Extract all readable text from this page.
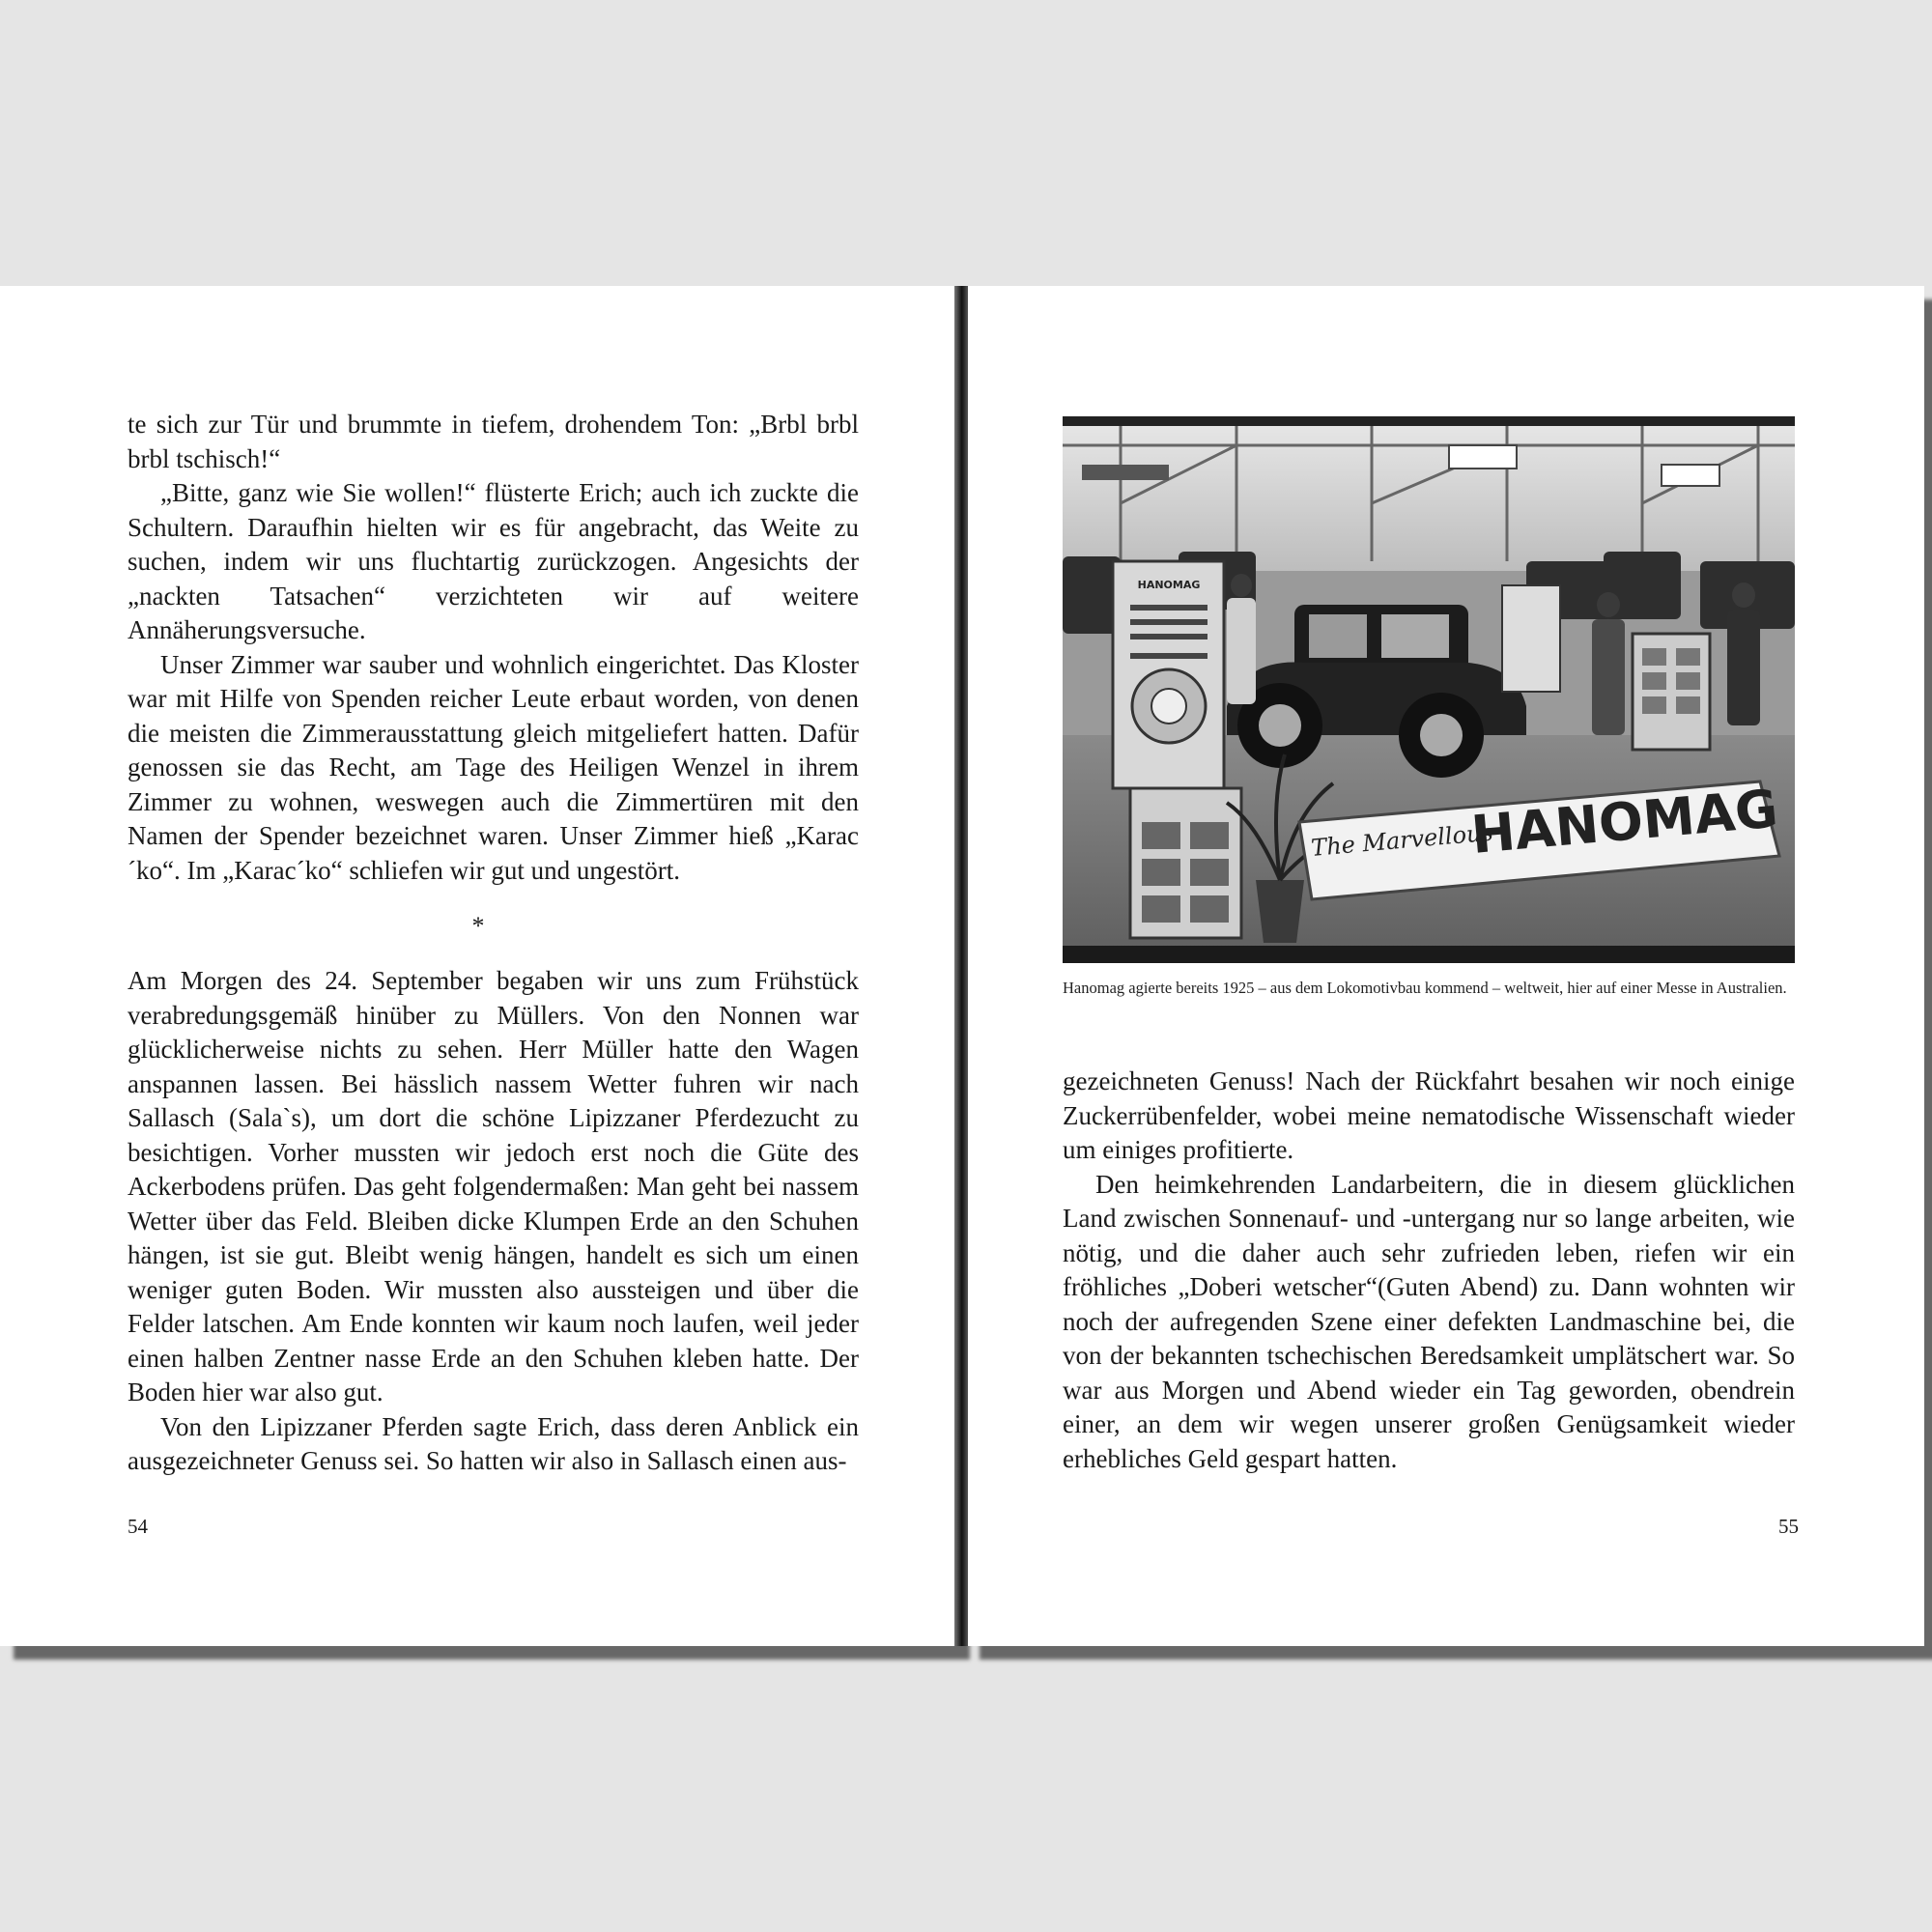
te sich zur Tür und brummte in tiefem, drohendem Ton: „Brbl brbl brbl tschisch!“

„Bitte, ganz wie Sie wollen!“ flüsterte Erich; auch ich zuckte die Schultern. Daraufhin hielten wir es für angebracht, das Weite zu suchen, indem wir uns fluchtartig zurückzogen. Angesichts der „nackten Tatsachen“ verzichteten wir auf weitere Annäherungsversuche.

Unser Zimmer war sauber und wohnlich eingerichtet. Das Kloster war mit Hilfe von Spenden reicher Leute erbaut worden, von denen die meisten die Zimmerausstattung gleich mitgeliefert hatten. Dafür genossen sie das Recht, am Tage des Heiligen Wenzel in ihrem Zimmer zu wohnen, weswegen auch die Zimmertüren mit den Namen der Spender bezeichnet waren. Unser Zimmer hieß „Karac´ko“. Im „Karac´ko“ schliefen wir gut und ungestört.

*

Am Morgen des 24. September begaben wir uns zum Frühstück verabredungsgemäß hinüber zu Müllers. Von den Nonnen war glücklicherweise nichts zu sehen. Herr Müller hatte den Wagen anspannen lassen. Bei hässlich nassem Wetter fuhren wir nach Sallasch (Sala`s), um dort die schöne Lipizzaner Pferdezucht zu besichtigen. Vorher mussten wir jedoch erst noch die Güte des Ackerbodens prüfen. Das geht folgendermaßen: Man geht bei nassem Wetter über das Feld. Bleiben dicke Klumpen Erde an den Schuhen hängen, ist sie gut. Bleibt wenig hängen, handelt es sich um einen weniger guten Boden. Wir mussten also aussteigen und über die Felder latschen. Am Ende konnten wir kaum noch laufen, weil jeder einen halben Zentner nasse Erde an den Schuhen kleben hatte. Der Boden hier war also gut.

Von den Lipizzaner Pferden sagte Erich, dass deren Anblick ein ausgezeichneter Genuss sei. So hatten wir also in Sallasch einen aus-

54
HANOMAG
The Marvellous
HANOMAG
Hanomag agierte bereits 1925 – aus dem Lokomotivbau kommend – weltweit, hier auf einer Messe in Australien.

gezeichneten Genuss! Nach der Rückfahrt besahen wir noch einige Zuckerrübenfelder, wobei meine nematodische Wissenschaft wieder um einiges profitierte.

Den heimkehrenden Landarbeitern, die in diesem glücklichen Land zwischen Sonnenauf- und -untergang nur so lange arbeiten, wie nötig, und die daher auch sehr zufrieden leben, riefen wir ein fröhliches „Doberi wetscher“(Guten Abend) zu. Dann wohnten wir noch der aufregenden Szene einer defekten Landmaschine bei, die von der bekannten tschechischen Beredsamkeit umplätschert war. So war aus Morgen und Abend wieder ein Tag geworden, obendrein einer, an dem wir wegen unserer großen Genügsamkeit wieder erhebliches Geld gespart hatten.

55
